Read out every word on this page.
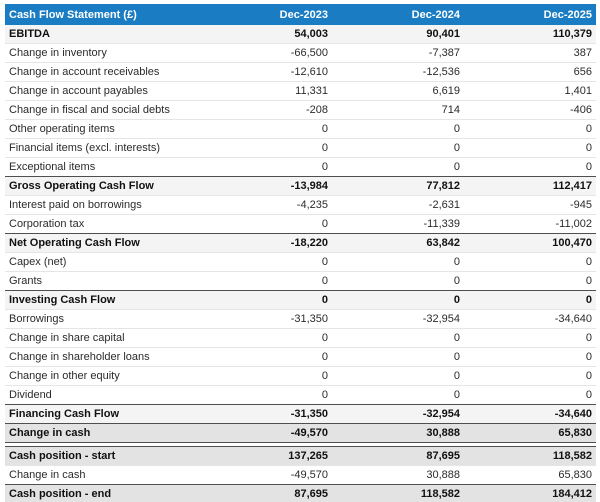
Cash Flow Statement (£)	Dec-2023	Dec-2024	Dec-2025
EBITDA	54,003	90,401	110,379
Change in inventory	-66,500	-7,387	387
Change in account receivables	-12,610	-12,536	656
Change in account payables	11,331	6,619	1,401
Change in fiscal and social debts	-208	714	-406
Other operating items	0	0	0
Financial items (excl. interests)	0	0	0
Exceptional items	0	0	0
Gross Operating Cash Flow	-13,984	77,812	112,417
Interest paid on borrowings	-4,235	-2,631	-945
Corporation tax	0	-11,339	-11,002
Net Operating Cash Flow	-18,220	63,842	100,470
Capex (net)	0	0	0
Grants	0	0	0
Investing Cash Flow	0	0	0
Borrowings	-31,350	-32,954	-34,640
Change in share capital	0	0	0
Change in shareholder loans	0	0	0
Change in other equity	0	0	0
Dividend	0	0	0
Financing Cash Flow	-31,350	-32,954	-34,640
Change in cash	-49,570	30,888	65,830
Cash position - start	137,265	87,695	118,582
Change in cash	-49,570	30,888	65,830
Cash position - end	87,695	118,582	184,412
